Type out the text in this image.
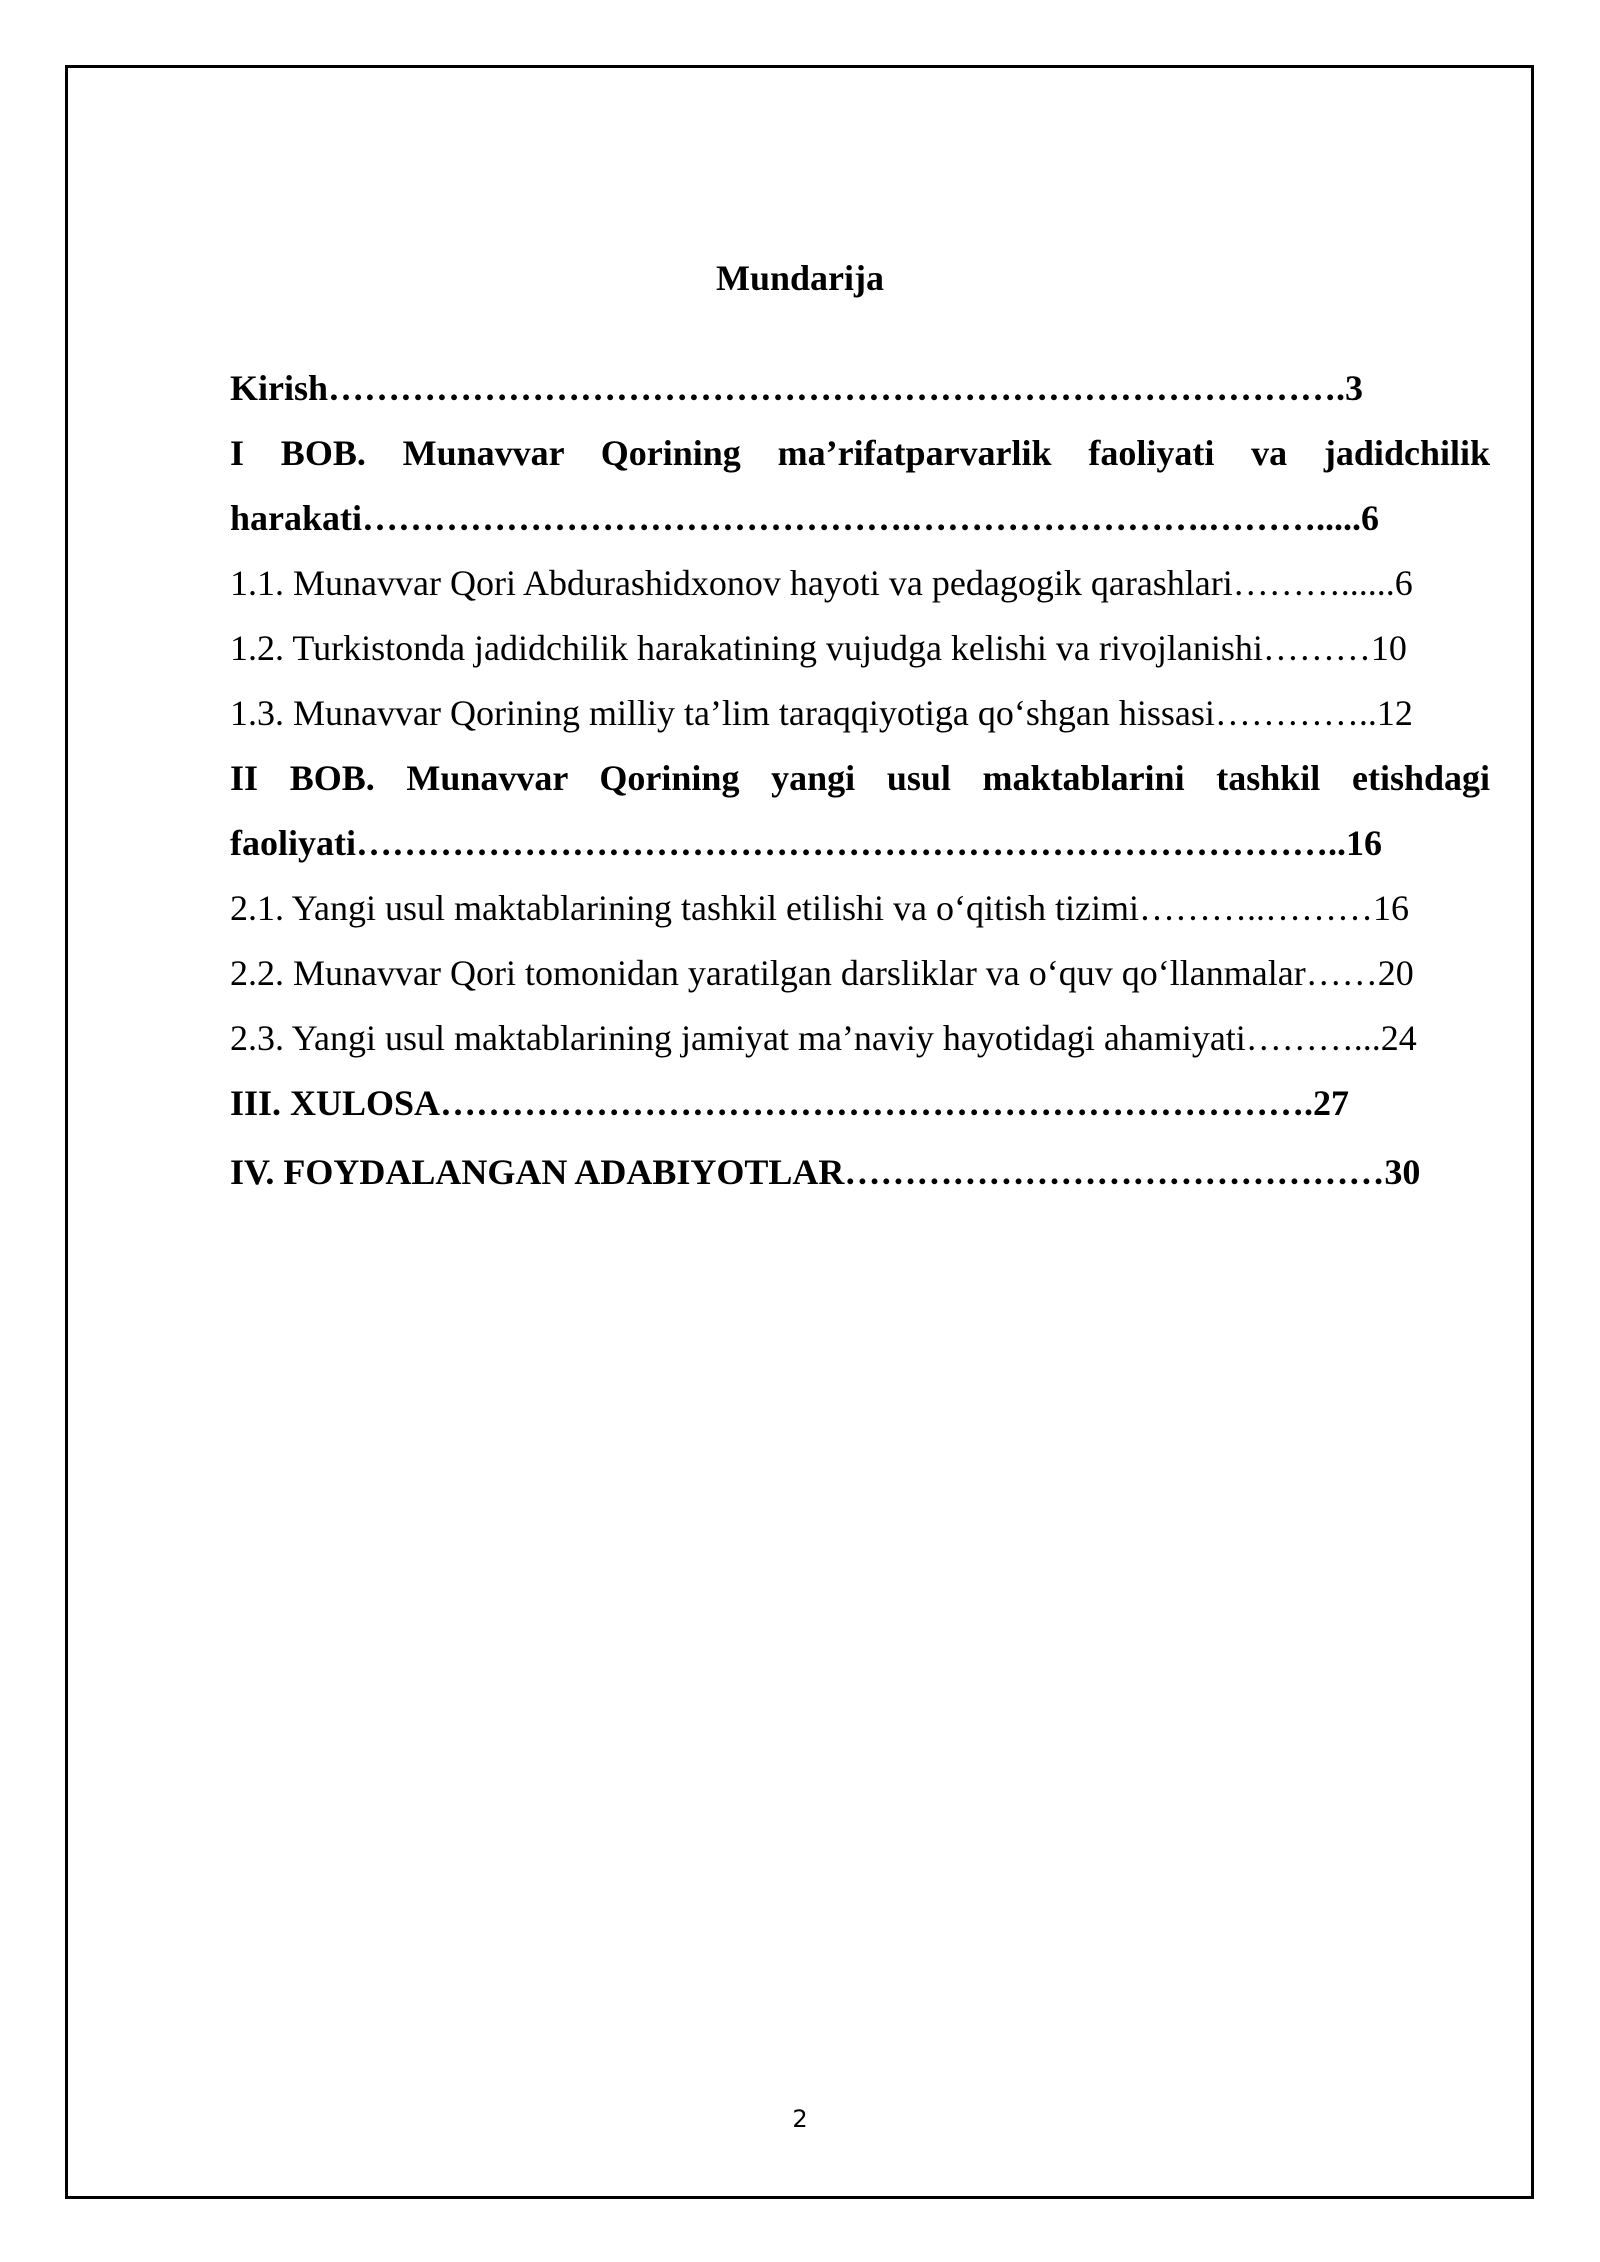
Mundarija
Kirish………………………………………………………………………….3
I BOB. Munavvar Qorining ma’rifatparvarlik faoliyati va jadidchilik
harakati……………………………………….…………………….……….....6
1.1. Munavvar Qori Abdurashidxonov hayoti va pedagogik qarashlari………......6
1.2. Turkistonda jadidchilik harakatining vujudga kelishi va rivojlanishi………10
1.3. Munavvar Qorining milliy ta’lim taraqqiyotiga qo‘shgan hissasi…………..12
II BOB. Munavvar Qorining yangi usul maktablarini tashkil etishdagi
faoliyati………………………………………………………………………..16
2.1. Yangi usul maktablarining tashkil etilishi va o‘qitish tizimi………..………16
2.2. Munavvar Qori tomonidan yaratilgan darsliklar va o‘quv qo‘llanmalar……20
2.3. Yangi usul maktablarining jamiyat ma’naviy hayotidagi ahamiyati………...24
III. XULOSA……………………………………………………………….27
IV. FOYDALANGAN ADABIYOTLAR………………………………………30
2
